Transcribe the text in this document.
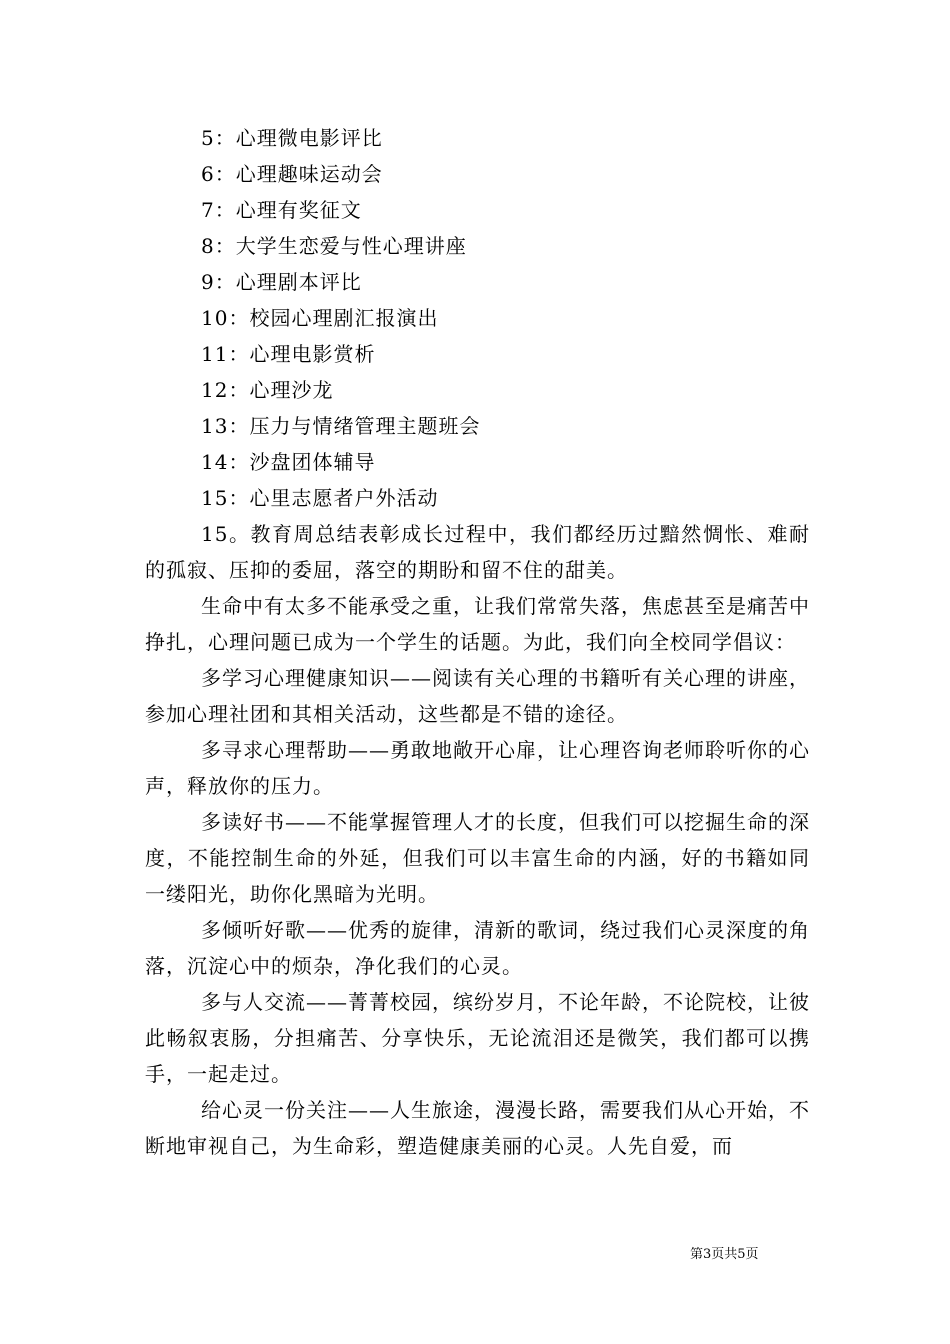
5：心理微电影评比
6：心理趣味运动会
7：心理有奖征文
8：大学生恋爱与性心理讲座
9：心理剧本评比
10：校园心理剧汇报演出
11：心理电影赏析
12：心理沙龙
13：压力与情绪管理主题班会
14：沙盘团体辅导
15：心里志愿者户外活动

15。教育周总结表彰成长过程中，我们都经历过黯然惆怅、难耐的孤寂、压抑的委屈，落空的期盼和留不住的甜美。

生命中有太多不能承受之重，让我们常常失落，焦虑甚至是痛苦中挣扎，心理问题已成为一个学生的话题。为此，我们向全校同学倡议：

多学习心理健康知识——阅读有关心理的书籍听有关心理的讲座，参加心理社团和其相关活动，这些都是不错的途径。

多寻求心理帮助——勇敢地敞开心扉，让心理咨询老师聆听你的心声，释放你的压力。

多读好书——不能掌握管理人才的长度，但我们可以挖掘生命的深度，不能控制生命的外延，但我们可以丰富生命的内涵，好的书籍如同一缕阳光，助你化黑暗为光明。

多倾听好歌——优秀的旋律，清新的歌词，绕过我们心灵深度的角落，沉淀心中的烦杂，净化我们的心灵。

多与人交流——菁菁校园，缤纷岁月，不论年龄，不论院校，让彼此畅叙衷肠，分担痛苦、分享快乐，无论流泪还是微笑，我们都可以携手，一起走过。

给心灵一份关注——人生旅途，漫漫长路，需要我们从心开始，不断地审视自己，为生命彩，塑造健康美丽的心灵。人先自爱，而

第3页共5页
